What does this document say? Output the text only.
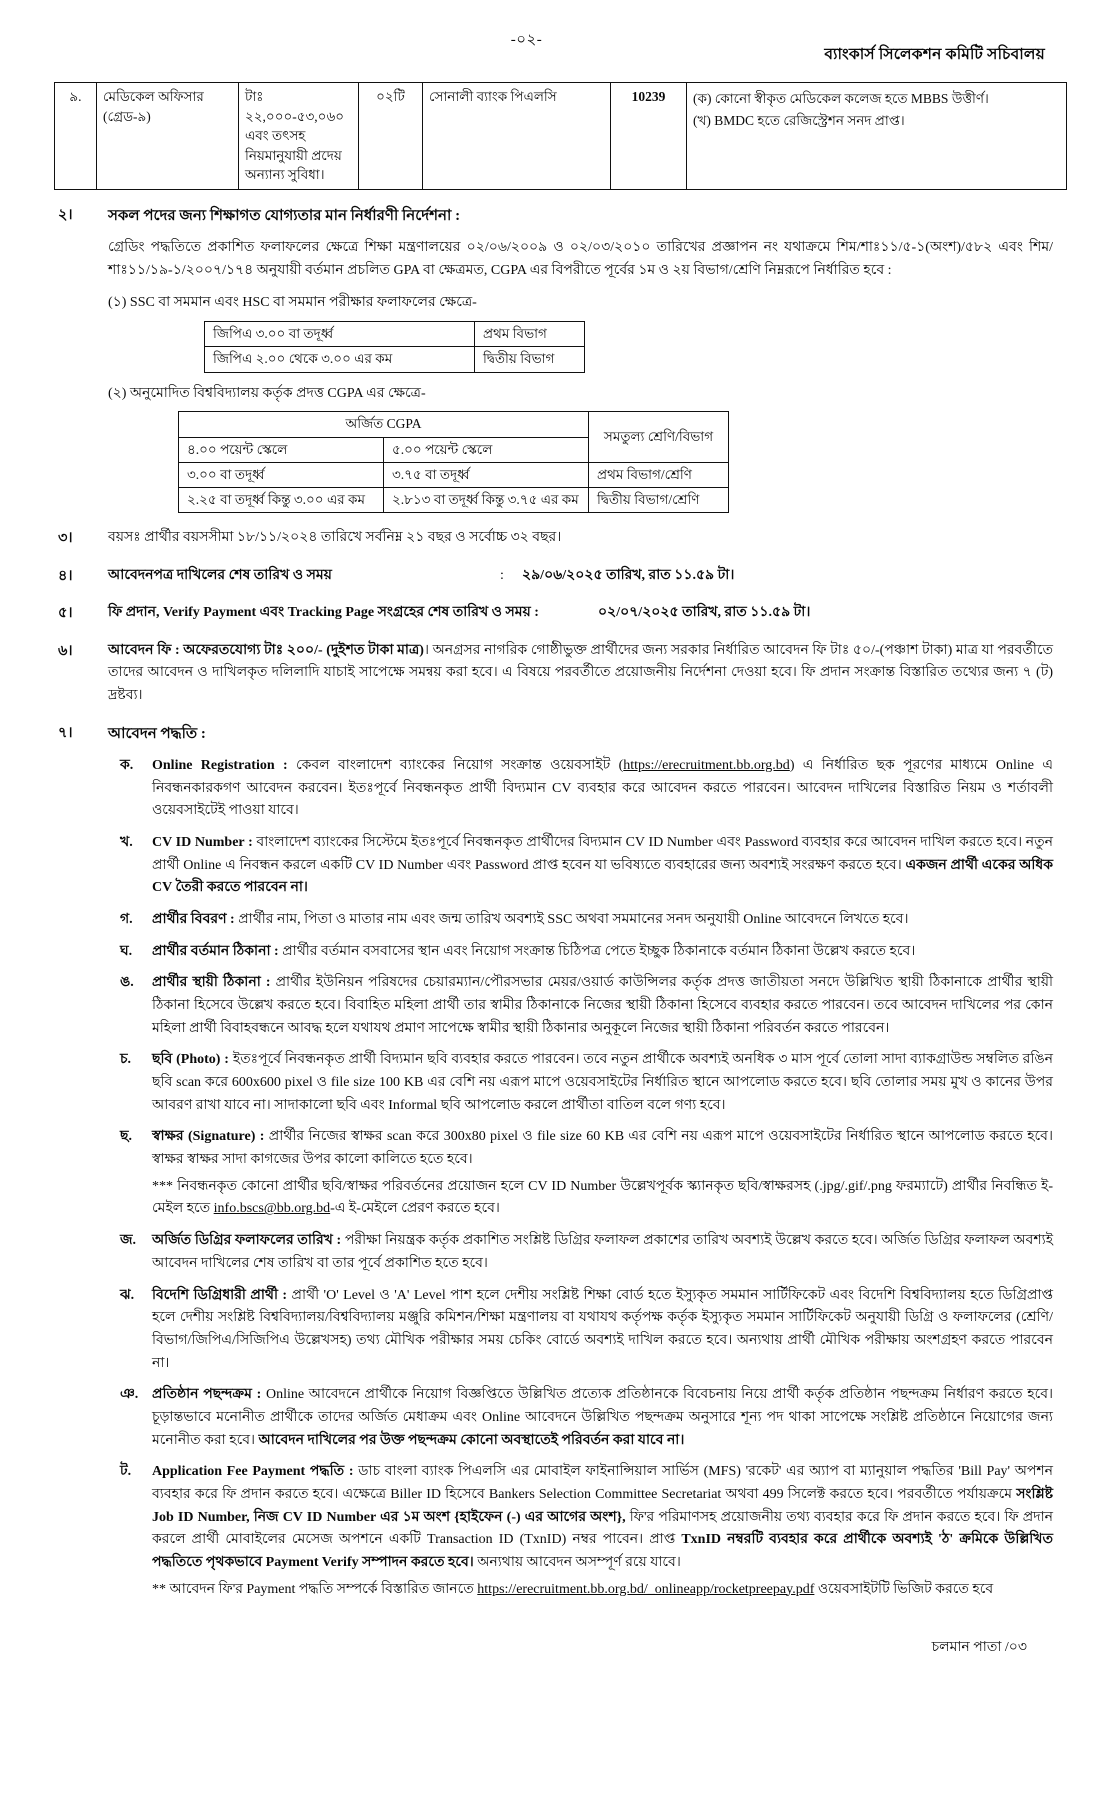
-০২-
ব্যাংকার্স সিলেকশন কমিটি সচিবালয়
৯.	মেডিকেল অফিসার (গ্রেড-৯)	টাঃ ২২,০০০-৫৩,০৬০ এবং তৎসহ নিয়মানুযায়ী প্রদেয় অন্যান্য সুবিধা।	০২টি	সোনালী ব্যাংক পিএলসি	10239	(ক) কোনো স্বীকৃত মেডিকেল কলেজ হতে MBBS উত্তীর্ণ।
(খ) BMDC হতে রেজিস্ট্রেশন সনদ প্রাপ্ত।
২।	সকল পদের জন্য শিক্ষাগত যোগ্যতার মান নির্ধারণী নির্দেশনা :
গ্রেডিং পদ্ধতিতে প্রকাশিত ফলাফলের ক্ষেত্রে শিক্ষা মন্ত্রণালয়ের ০২/০৬/২০০৯ ও ০২/০৩/২০১০ তারিখের প্রজ্ঞাপন নং যথাক্রমে শিম/শাঃ১১/৫-১(অংশ)/৫৮২ এবং শিম/শাঃ১১/১৯-১/২০০৭/১৭৪ অনুযায়ী বর্তমান প্রচলিত GPA বা ক্ষেত্রমত, CGPA এর বিপরীতে পূর্বের ১ম ও ২য় বিভাগ/শ্রেণি নিম্নরূপে নির্ধারিত হবে :
(১) SSC বা সমমান এবং HSC বা সমমান পরীক্ষার ফলাফলের ক্ষেত্রে-
জিপিএ ৩.০০ বা তদূর্ধ্ব	প্রথম বিভাগ
জিপিএ ২.০০ থেকে ৩.০০ এর কম	দ্বিতীয় বিভাগ
(২) অনুমোদিত বিশ্ববিদ্যালয় কর্তৃক প্রদত্ত CGPA এর ক্ষেত্রে-
অর্জিত CGPA		সমতুল্য শ্রেণি/বিভাগ
৪.০০ পয়েন্ট স্কেলে	৫.০০ পয়েন্ট স্কেলে	
৩.০০ বা তদূর্ধ্ব	৩.৭৫ বা তদূর্ধ্ব	প্রথম বিভাগ/শ্রেণি
২.২৫ বা তদূর্ধ্ব কিন্তু ৩.০০ এর কম	২.৮১৩ বা তদূর্ধ্ব কিন্তু ৩.৭৫ এর কম	দ্বিতীয় বিভাগ/শ্রেণি
৩।	বয়সঃ প্রার্থীর বয়সসীমা ১৮/১১/২০২৪ তারিখে সর্বনিম্ন ২১ বছর ও সর্বোচ্চ ৩২ বছর।
৪।	আবেদনপত্র দাখিলের শেষ তারিখ ও সময়	:	২৯/০৬/২০২৫ তারিখ, রাত ১১.৫৯ টা।
৫।	ফি প্রদান, Verify Payment এবং Tracking Page সংগ্রহের শেষ তারিখ ও সময় :	০২/০৭/২০২৫ তারিখ, রাত ১১.৫৯ টা।
৬।	আবেদন ফি : অফেরতযোগ্য টাঃ ২০০/- (দুইশত টাকা মাত্র)। অনগ্রসর নাগরিক গোষ্ঠীভুক্ত প্রার্থীদের জন্য সরকার নির্ধারিত আবেদন ফি টাঃ ৫০/-(পঞ্চাশ টাকা) মাত্র যা পরবর্তীতে তাদের আবেদন ও দাখিলকৃত দলিলাদি যাচাই সাপেক্ষে সমন্বয় করা হবে। এ বিষয়ে পরবর্তীতে প্রয়োজনীয় নির্দেশনা দেওয়া হবে। ফি প্রদান সংক্রান্ত বিস্তারিত তথ্যের জন্য ৭ (ট) দ্রষ্টব্য।
৭।	আবেদন পদ্ধতি :
ক.	Online Registration : কেবল বাংলাদেশ ব্যাংকের নিয়োগ সংক্রান্ত ওয়েবসাইট (https://erecruitment.bb.org.bd) এ নির্ধারিত ছক পূরণের মাধ্যমে Online এ নিবন্ধনকারকগণ আবেদন করবেন। ইতঃপূর্বে নিবন্ধনকৃত প্রার্থী বিদ্যমান CV ব্যবহার করে আবেদন করতে পারবেন। আবেদন দাখিলের বিস্তারিত নিয়ম ও শর্তাবলী ওয়েবসাইটেই পাওয়া যাবে।
খ.	CV ID Number : বাংলাদেশ ব্যাংকের সিস্টেমে ইতঃপূর্বে নিবন্ধনকৃত প্রার্থীদের বিদ্যমান CV ID Number এবং Password ব্যবহার করে আবেদন দাখিল করতে হবে। নতুন প্রার্থী Online এ নিবন্ধন করলে একটি CV ID Number এবং Password প্রাপ্ত হবেন যা ভবিষ্যতে ব্যবহারের জন্য অবশ্যই সংরক্ষণ করতে হবে। একজন প্রার্থী একের অধিক CV তৈরী করতে পারবেন না।
গ.	প্রার্থীর বিবরণ : প্রার্থীর নাম, পিতা ও মাতার নাম এবং জন্ম তারিখ অবশ্যই SSC অথবা সমমানের সনদ অনুযায়ী Online আবেদনে লিখতে হবে।
ঘ.	প্রার্থীর বর্তমান ঠিকানা : প্রার্থীর বর্তমান বসবাসের স্থান এবং নিয়োগ সংক্রান্ত চিঠিপত্র পেতে ইচ্ছুক ঠিকানাকে বর্তমান ঠিকানা উল্লেখ করতে হবে।
ঙ.	প্রার্থীর স্থায়ী ঠিকানা : প্রার্থীর ইউনিয়ন পরিষদের চেয়ারম্যান/পৌরসভার মেয়র/ওয়ার্ড কাউন্সিলর কর্তৃক প্রদত্ত জাতীয়তা সনদে উল্লিখিত স্থায়ী ঠিকানাকে প্রার্থীর স্থায়ী ঠিকানা হিসেবে উল্লেখ করতে হবে। বিবাহিত মহিলা প্রার্থী তার স্বামীর ঠিকানাকে নিজের স্থায়ী ঠিকানা হিসেবে ব্যবহার করতে পারবেন। তবে আবেদন দাখিলের পর কোন মহিলা প্রার্থী বিবাহবন্ধনে আবদ্ধ হলে যথাযথ প্রমাণ সাপেক্ষে স্বামীর স্থায়ী ঠিকানার অনুকূলে নিজের স্থায়ী ঠিকানা পরিবর্তন করতে পারবেন।
চ.	ছবি (Photo) : ইতঃপূর্বে নিবন্ধনকৃত প্রার্থী বিদ্যমান ছবি ব্যবহার করতে পারবেন। তবে নতুন প্রার্থীকে অবশ্যই অনধিক ৩ মাস পূর্বে তোলা সাদা ব্যাকগ্রাউন্ড সম্বলিত রঙিন ছবি scan করে 600x600 pixel ও file size 100 KB এর বেশি নয় এরূপ মাপে ওয়েবসাইটের নির্ধারিত স্থানে আপলোড করতে হবে। ছবি তোলার সময় মুখ ও কানের উপর আবরণ রাখা যাবে না। সাদাকালো ছবি এবং Informal ছবি আপলোড করলে প্রার্থীতা বাতিল বলে গণ্য হবে।
ছ.	স্বাক্ষর (Signature) : প্রার্থীর নিজের স্বাক্ষর scan করে 300x80 pixel ও file size 60 KB এর বেশি নয় এরূপ মাপে ওয়েবসাইটের নির্ধারিত স্থানে আপলোড করতে হবে। স্বাক্ষর স্বাক্ষর সাদা কাগজের উপর কালো কালিতে হতে হবে।
*** নিবন্ধনকৃত কোনো প্রার্থীর ছবি/স্বাক্ষর পরিবর্তনের প্রয়োজন হলে CV ID Number উল্লেখপূর্বক স্ক্যানকৃত ছবি/স্বাক্ষরসহ (.jpg/.gif/.png ফরম্যাটে) প্রার্থীর নিবন্ধিত ই-মেইল হতে info.bscs@bb.org.bd-এ ই-মেইলে প্রেরণ করতে হবে।
জ.	অর্জিত ডিগ্রির ফলাফলের তারিখ : পরীক্ষা নিয়ন্ত্রক কর্তৃক প্রকাশিত সংশ্লিষ্ট ডিগ্রির ফলাফল প্রকাশের তারিখ অবশ্যই উল্লেখ করতে হবে। অর্জিত ডিগ্রির ফলাফল অবশ্যই আবেদন দাখিলের শেষ তারিখ বা তার পূর্বে প্রকাশিত হতে হবে।
ঝ.	বিদেশি ডিগ্রিধারী প্রার্থী : প্রার্থী 'O' Level ও 'A' Level পাশ হলে দেশীয় সংশ্লিষ্ট শিক্ষা বোর্ড হতে ইস্যুকৃত সমমান সার্টিফিকেট এবং বিদেশি বিশ্ববিদ্যালয় হতে ডিগ্রিপ্রাপ্ত হলে দেশীয় সংশ্লিষ্ট বিশ্ববিদ্যালয়/বিশ্ববিদ্যালয় মঞ্জুরি কমিশন/শিক্ষা মন্ত্রণালয় বা যথাযথ কর্তৃপক্ষ কর্তৃক ইস্যুকৃত সমমান সার্টিফিকেট অনুযায়ী ডিগ্রি ও ফলাফলের (শ্রেণি/বিভাগ/জিপিএ/সিজিপিএ উল্লেখসহ) তথ্য মৌখিক পরীক্ষার সময় চেকিং বোর্ডে অবশ্যই দাখিল করতে হবে। অন্যথায় প্রার্থী মৌখিক পরীক্ষায় অংশগ্রহণ করতে পারবেন না।
ঞ. প্রতিষ্ঠান পছন্দক্রম : Online আবেদনে প্রার্থীকে নিয়োগ বিজ্ঞপ্তিতে উল্লিখিত প্রত্যেক প্রতিষ্ঠানকে বিবেচনায় নিয়ে প্রার্থী কর্তৃক প্রতিষ্ঠান পছন্দক্রম নির্ধারণ করতে হবে। চূড়ান্তভাবে মনোনীত প্রার্থীকে তাদের অর্জিত মেধাক্রম এবং Online আবেদনে উল্লিখিত পছন্দক্রম অনুসারে শূন্য পদ থাকা সাপেক্ষে সংশ্লিষ্ট প্রতিষ্ঠানে নিয়োগের জন্য মনোনীত করা হবে। আবেদন দাখিলের পর উক্ত পছন্দক্রম কোনো অবস্থাতেই পরিবর্তন করা যাবে না।
ট.	Application Fee Payment পদ্ধতি : ডাচ বাংলা ব্যাংক পিএলসি এর মোবাইল ফাইনান্সিয়াল সার্ভিস (MFS) 'রকেট' এর অ্যাপ বা ম্যানুয়াল পদ্ধতির 'Bill Pay' অপশন ব্যবহার করে ফি প্রদান করতে হবে। এক্ষেত্রে Biller ID হিসেবে Bankers Selection Committee Secretariat অথবা 499 সিলেক্ট করতে হবে। পরবর্তীতে পর্যায়ক্রমে সংশ্লিষ্ট Job ID Number, নিজ CV ID Number এর ১ম অংশ {হাইফেন (-) এর আগের অংশ}, ফি'র পরিমাণসহ প্রয়োজনীয় তথ্য ব্যবহার করে ফি প্রদান করতে হবে। ফি প্রদান করলে প্রার্থী মোবাইলের মেসেজ অপশনে একটি Transaction ID (TxnID) নম্বর পাবেন। প্রাপ্ত TxnID নম্বরটি ব্যবহার করে প্রার্থীকে অবশ্যই 'ঠ' ক্রমিকে উল্লিখিত পদ্ধতিতে পৃথকভাবে Payment Verify সম্পাদন করতে হবে। অন্যথায় আবেদন অসম্পূর্ণ রয়ে যাবে।
** আবেদন ফি'র Payment পদ্ধতি সম্পর্কে বিস্তারিত জানতে https://erecruitment.bb.org.bd/_onlineapp/rocketpreepay.pdf ওয়েবসাইটটি ভিজিট করতে হবে
চলমান পাতা /০৩
